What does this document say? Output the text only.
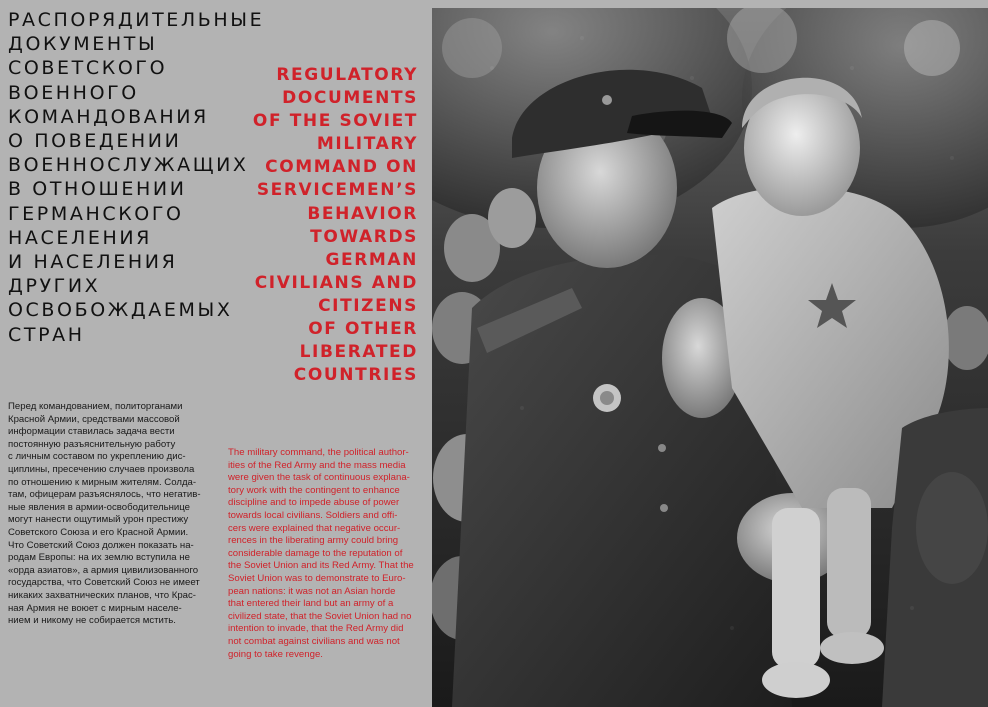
РАСПОРЯДИТЕЛЬНЫЕ
ДОКУМЕНТЫ
СОВЕТСКОГО
ВОЕННОГО
КОМАНДОВАНИЯ
О ПОВЕДЕНИИ
ВОЕННОСЛУЖАЩИХ
В ОТНОШЕНИИ
ГЕРМАНСКОГО
НАСЕЛЕНИЯ
И НАСЕЛЕНИЯ
ДРУГИХ
ОСВОБОЖДАЕМЫХ
СТРАН
REGULATORY
DOCUMENTS
OF THE SOVIET
MILITARY
COMMAND ON
SERVICEMEN’S
BEHAVIOR
TOWARDS
GERMAN
CIVILIANS AND
CITIZENS
OF OTHER
LIBERATED
COUNTRIES
Перед командованием, политорганами
Красной Армии, средствами массовой
информации ставилась задача вести
постоянную разъяснительную работу
с личным составом по укреплению дис-
циплины, пресечению случаев произвола
по отношению к мирным жителям. Солда-
там, офицерам разъяснялось, что негатив-
ные явления в армии-освободительнице
могут нанести ощутимый урон престижу
Советского Союза и его Красной Армии.
Что Советский Союз должен показать на-
родам Европы: на их землю вступила не
«орда азиатов», а армия цивилизованного
государства, что Советский Союз не имеет
никаких захватнических планов, что Крас-
ная Армия не воюет с мирным населе-
нием и никому не собирается мстить.
The military command, the political author-
ities of the Red Army and the mass media
were given the task of continuous explana-
tory work with the contingent to enhance
discipline and to impede abuse of power
towards local civilians. Soldiers and offi-
cers were explained that negative occur-
rences in the liberating army could bring
considerable damage to the reputation of
the Soviet Union and its Red Army. That the
Soviet Union was to demonstrate to Euro-
pean nations: it was not an Asian horde
that entered their land but an army of a
civilized state, that the Soviet Union had no
intention to invade, that the Red Army did
not combat against civilians and was not
going to take revenge.
